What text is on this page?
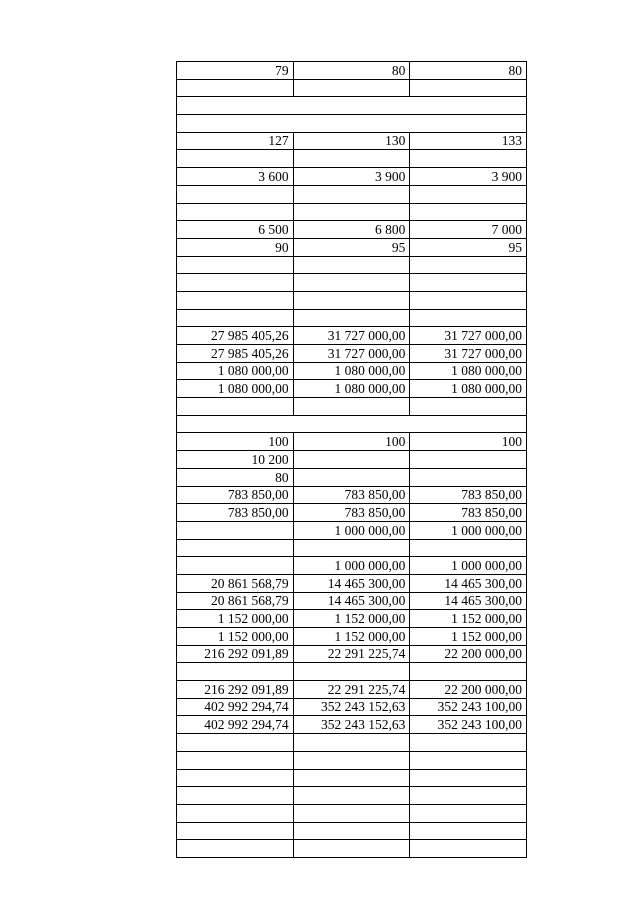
79	80	80

127	130	133

3 600	3 900	3 900

6 500	6 800	7 000
90	95	95

27 985 405,26	31 727 000,00	31 727 000,00
27 985 405,26	31 727 000,00	31 727 000,00
1 080 000,00	1 080 000,00	1 080 000,00
1 080 000,00	1 080 000,00	1 080 000,00

100	100	100
10 200		
80		
783 850,00	783 850,00	783 850,00
783 850,00	783 850,00	783 850,00
	1 000 000,00	1 000 000,00

	1 000 000,00	1 000 000,00
20 861 568,79	14 465 300,00	14 465 300,00
20 861 568,79	14 465 300,00	14 465 300,00
1 152 000,00	1 152 000,00	1 152 000,00
1 152 000,00	1 152 000,00	1 152 000,00
216 292 091,89	22 291 225,74	22 200 000,00

216 292 091,89	22 291 225,74	22 200 000,00
402 992 294,74	352 243 152,63	352 243 100,00
402 992 294,74	352 243 152,63	352 243 100,00
